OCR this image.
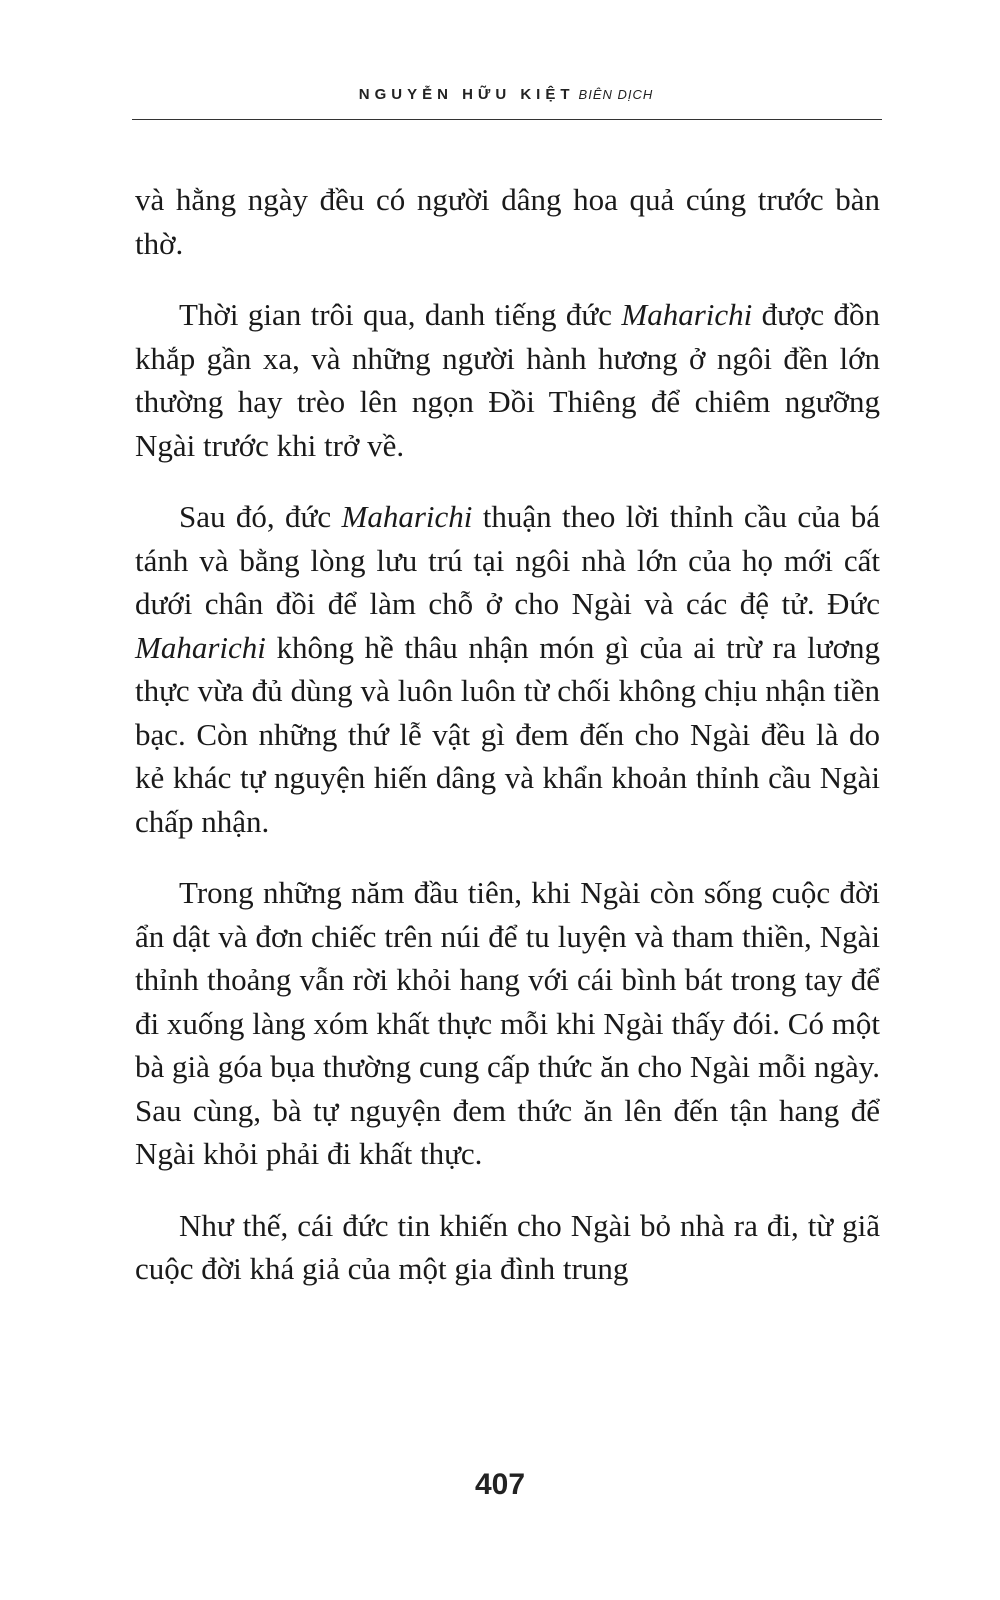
NGUYỄN HỮU KIỆT BIÊN DỊCH

và hằng ngày đều có người dâng hoa quả cúng trước bàn thờ.

Thời gian trôi qua, danh tiếng đức Maharichi được đồn khắp gần xa, và những người hành hương ở ngôi đền lớn thường hay trèo lên ngọn Đồi Thiêng để chiêm ngưỡng Ngài trước khi trở về.

Sau đó, đức Maharichi thuận theo lời thỉnh cầu của bá tánh và bằng lòng lưu trú tại ngôi nhà lớn của họ mới cất dưới chân đồi để làm chỗ ở cho Ngài và các đệ tử. Đức Maharichi không hề thâu nhận món gì của ai trừ ra lương thực vừa đủ dùng và luôn luôn từ chối không chịu nhận tiền bạc. Còn những thứ lễ vật gì đem đến cho Ngài đều là do kẻ khác tự nguyện hiến dâng và khẩn khoản thỉnh cầu Ngài chấp nhận.

Trong những năm đầu tiên, khi Ngài còn sống cuộc đời ẩn dật và đơn chiếc trên núi để tu luyện và tham thiền, Ngài thỉnh thoảng vẫn rời khỏi hang với cái bình bát trong tay để đi xuống làng xóm khất thực mỗi khi Ngài thấy đói. Có một bà già góa bụa thường cung cấp thức ăn cho Ngài mỗi ngày. Sau cùng, bà tự nguyện đem thức ăn lên đến tận hang để Ngài khỏi phải đi khất thực.

Như thế, cái đức tin khiến cho Ngài bỏ nhà ra đi, từ giã cuộc đời khá giả của một gia đình trung

407
